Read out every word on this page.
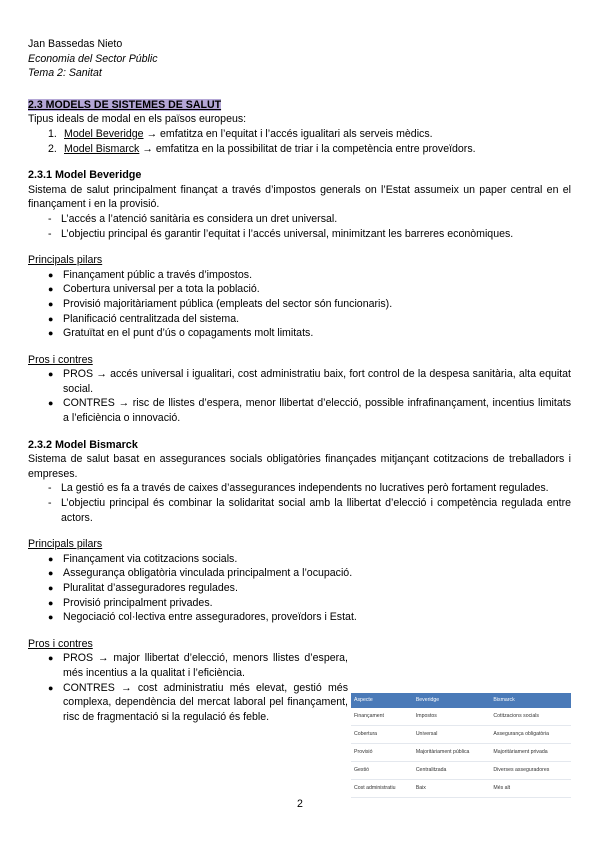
Jan Bassedas Nieto
Economia del Sector Públic
Tema 2: Sanitat
2.3 MODELS DE SISTEMES DE SALUT

Tipus ideals de modal en els països europeus:

1. Model Beveridge → emfatitza en l’equitat i l’accés igualitari als serveis mèdics.
2. Model Bismarck → emfatitza en la possibilitat de triar i la competència entre proveïdors.
2.3.1 Model Beveridge

Sistema de salut principalment finançat a través d’impostos generals on l’Estat assumeix un paper central en el finançament i en la provisió.

- L’accés a l’atenció sanitària es considera un dret universal.
- L’objectiu principal és garantir l’equitat i l’accés universal, minimitzant les barreres econòmiques.

Principals pilars

● Finançament públic a través d’impostos.
● Cobertura universal per a tota la població.
● Provisió majoritàriament pública (empleats del sector són funcionaris).
● Planificació centralitzada del sistema.
● Gratuïtat en el punt d’ús o copagaments molt limitats.

Pros i contres

● PROS → accés universal i igualitari, cost administratiu baix, fort control de la despesa sanitària, alta equitat social.
● CONTRES → risc de llistes d’espera, menor llibertat d’elecció, possible infrafinançament, incentius limitats a l’eficiència o innovació.
2.3.2 Model Bismarck

Sistema de salut basat en assegurances socials obligatòries finançades mitjançant cotitzacions de treballadors i empreses.

- La gestió es fa a través de caixes d’assegurances independents no lucratives però fortament regulades.
- L’objectiu principal és combinar la solidaritat social amb la llibertat d’elecció i competència regulada entre actors.

Principals pilars

● Finançament via cotitzacions socials.
● Assegurança obligatòria vinculada principalment a l’ocupació.
● Pluralitat d’asseguradores regulades.
● Provisió principalment privades.
● Negociació col·lectiva entre asseguradores, proveïdors i Estat.

Pros i contres

● PROS → major llibertat d’elecció, menors llistes d’espera, més incentius a la qualitat i l’eficiència.
● CONTRES → cost administratiu més elevat, gestió més complexa, dependència del mercat laboral pel finançament, risc de fragmentació si la regulació és feble.
Aspecte	Beveridge	Bismarck
Finançament	Impostos	Cotitzacions socials
Cobertura	Universal	Assegurança obligatòria
Provisió	Majoritàriament pública	Majoritàriament privada
Gestió	Centralitzada	Diverses asseguradores
Cost administratiu	Baix	Més alt
2
